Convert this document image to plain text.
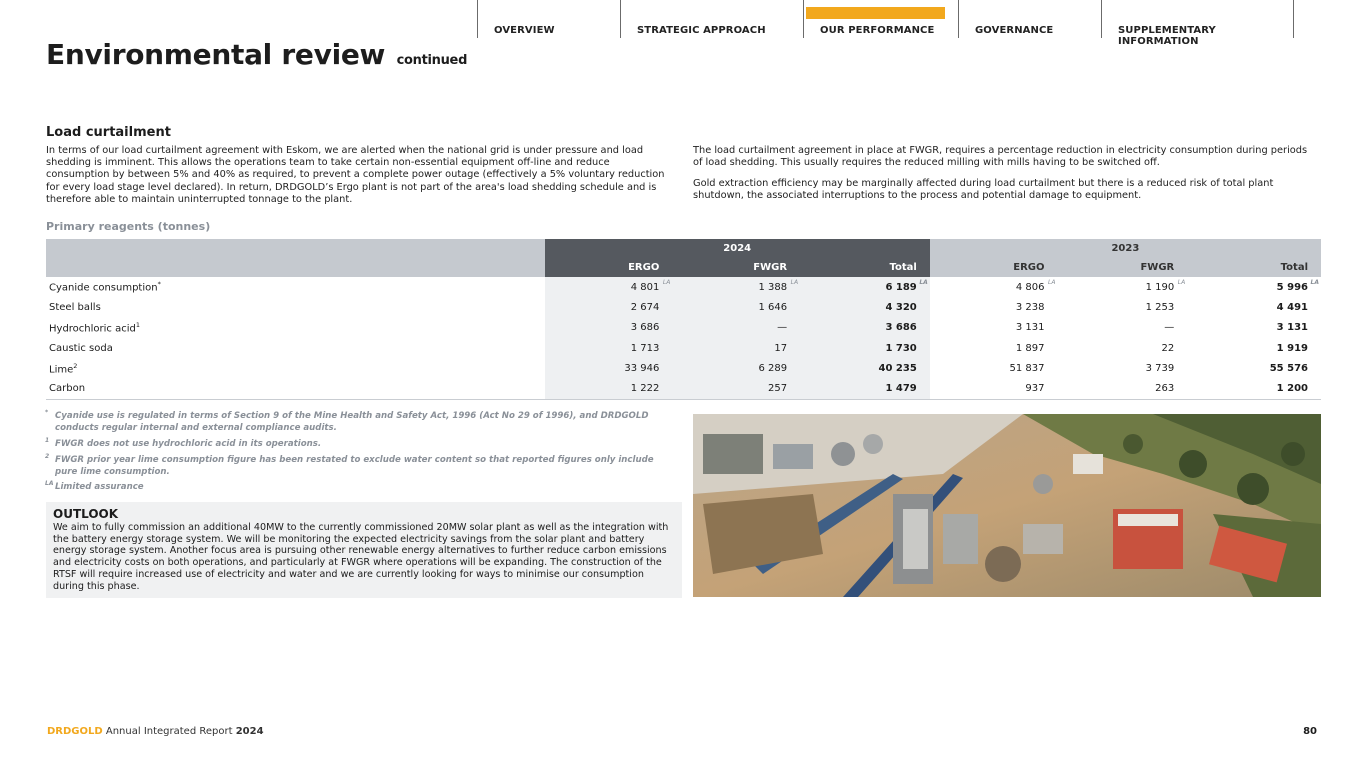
OVERVIEW	STRATEGIC APPROACH	OUR PERFORMANCE	GOVERNANCE	SUPPLEMENTARY INFORMATION
Environmental review continued
Load curtailment
In terms of our load curtailment agreement with Eskom, we are alerted when the national grid is under pressure and load shedding is imminent. This allows the operations team to take certain non-essential equipment off-line and reduce consumption by between 5% and 40% as required, to prevent a complete power outage (effectively a 5% voluntary reduction for every load stage level declared). In return, DRDGOLD’s Ergo plant is not part of the area's load shedding schedule and is therefore able to maintain uninterrupted tonnage to the plant.
The load curtailment agreement in place at FWGR, requires a percentage reduction in electricity consumption during periods of load shedding. This usually requires the reduced milling with mills having to be switched off.
Gold extraction efficiency may be marginally affected during load curtailment but there is a reduced risk of total plant shutdown, the associated interruptions to the process and potential damage to equipment.
Primary reagents (tonnes)
	2024			2023		
	ERGO	FWGR	Total	ERGO	FWGR	Total
Cyanide consumption*	4 801 LA	1 388 LA	6 189 LA	4 806 LA	1 190 LA	5 996 LA

Steel balls	2 674	1 646	4 320	3 238	1 253	4 491
Hydrochloric acid$^1$	3 686	—	3 686	3 131	—	3 131
Caustic soda	1 713	17	1 730	1 897	22	1 919
Lime$^2$	33 946	6 289	40 235	51 837	3 739	55 576
Carbon	1 222	257	1 479	937	263	1 200
* Cyanide use is regulated in terms of Section 9 of the Mine Health and Safety Act, 1996 (Act No 29 of 1996), and DRDGOLD conducts regular internal and external compliance audits.
1 FWGR does not use hydrochloric acid in its operations.
2 FWGR prior year lime consumption figure has been restated to exclude water content so that reported figures only include pure lime consumption.
LA Limited assurance
OUTLOOK
We aim to fully commission an additional 40MW to the currently commissioned 20MW solar plant as well as the integration with the battery energy storage system. We will be monitoring the expected electricity savings from the solar plant and battery energy storage system. Another focus area is pursuing other renewable energy alternatives to further reduce carbon emissions and electricity costs on both operations, and particularly at FWGR where operations will be expanding. The construction of the RTSF will require increased use of electricity and water and we are currently looking for ways to minimise our consumption during this phase.
DRDGOLD Annual Integrated Report 2024	80
